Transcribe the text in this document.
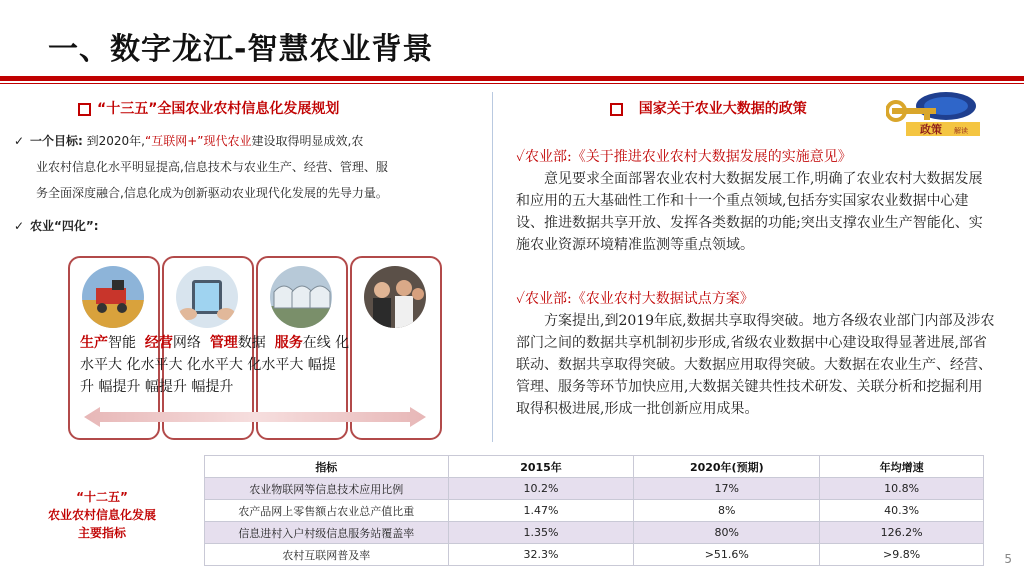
一、数字龙江-智慧农业背景
“十三五”全国农业农村信息化发展规划
✓ 一个目标: 到2020年,“互联网+”现代农业建设取得明显成效,农
业农村信息化水平明显提高,信息技术与农业生产、经营、管理、服
务全面深度融合,信息化成为创新驱动农业现代化发展的先导力量。
✓ 农业“四化”:
生产智能 经营网络 管理数据 服务在线 化
水平大 化水平大 化水平大 化水平大 幅提
升 幅提升 幅提升 幅提升
国家关于农业大数据的政策
政策 解读
✓农业部:《关于推进农业农村大数据发展的实施意见》
意见要求全面部署农业农村大数据发展工作,明确了农业农村大数据发展和应用的五大基础性工作和十一个重点领域,包括夯实国家农业数据中心建设、推进数据共享开放、发挥各类数据的功能;突出支撑农业生产智能化、实施农业资源环境精准监测等重点领域。
✓农业部:《农业农村大数据试点方案》
方案提出,到2019年底,数据共享取得突破。地方各级农业部门内部及涉农部门之间的数据共享机制初步形成,省级农业数据中心建设取得显著进展,部省联动、数据共享取得突破。大数据应用取得突破。大数据在农业生产、经营、管理、服务等环节加快应用,大数据关键共性技术研发、关联分析和挖掘利用取得积极进展,形成一批创新应用成果。
“十二五”
农业农村信息化发展
主要指标
指标	2015年	2020年(预期)	年均增速
农业物联网等信息技术应用比例	10.2%	17%	10.8%
农产品网上零售额占农业总产值比重	1.47%	8%	40.3%
信息进村入户村级信息服务站覆盖率	1.35%	80%	126.2%
农村互联网普及率	32.3%	>51.6%	>9.8%	5
